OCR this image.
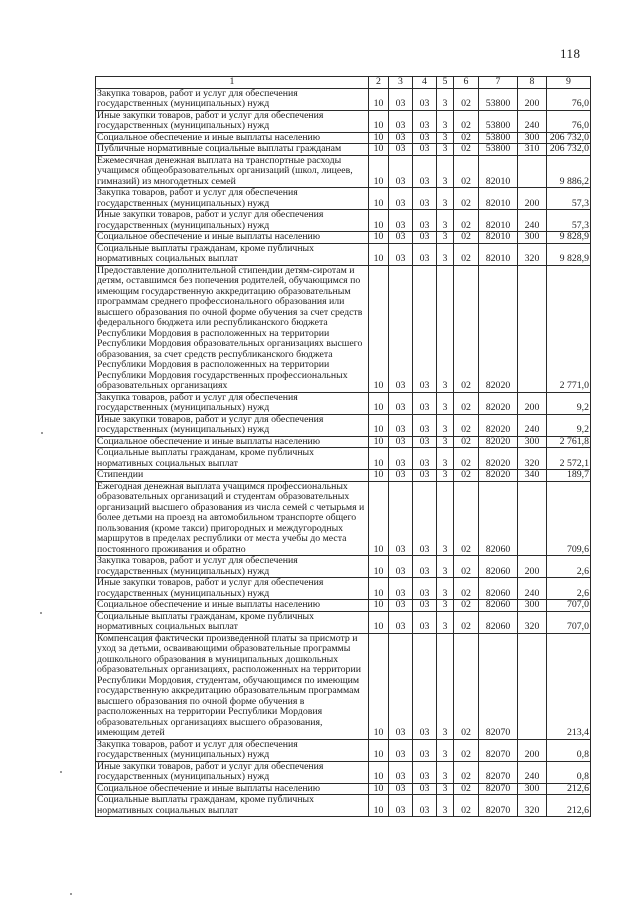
118
1	2	3	4	5	6	7	8	9
Закупка товаров, работ и услуг для обеспечения государственных (муниципальных) нужд	10	03	03	3	02	53800	200	76,0
Иные закупки товаров, работ и услуг для обеспечения государственных (муниципальных) нужд	10	03	03	3	02	53800	240	76,0
Социальное обеспечение и иные выплаты населению	10	03	03	3	02	53800	300	206 732,0
Публичные нормативные социальные выплаты гражданам	10	03	03	3	02	53800	310	206 732,0
Ежемесячная денежная выплата на транспортные расходы учащимся общеобразовательных организаций (школ, лицеев, гимназий) из многодетных семей	10	03	03	3	02	82010		9 886,2
Закупка товаров, работ и услуг для обеспечения государственных (муниципальных) нужд	10	03	03	3	02	82010	200	57,3
Иные закупки товаров, работ и услуг для обеспечения государственных (муниципальных) нужд	10	03	03	3	02	82010	240	57,3
Социальное обеспечение и иные выплаты населению	10	03	03	3	02	82010	300	9 828,9
Социальные выплаты гражданам, кроме публичных нормативных социальных выплат	10	03	03	3	02	82010	320	9 828,9
Предоставление дополнительной стипендии детям-сиротам и детям, оставшимся без попечения родителей, обучающимся по имеющим государственную аккредитацию образовательным программам среднего профессионального образования или высшего образования по очной форме обучения за счет средств федерального бюджета или республиканского бюджета Республики Мордовия в расположенных на территории Республики Мордовия образовательных организациях высшего образования, за счет средств республиканского бюджета Республики Мордовия в расположенных на территории Республики Мордовия государственных профессиональных образовательных организациях	10	03	03	3	02	82020		2 771,0
Закупка товаров, работ и услуг для обеспечения государственных (муниципальных) нужд	10	03	03	3	02	82020	200	9,2
Иные закупки товаров, работ и услуг для обеспечения государственных (муниципальных) нужд	10	03	03	3	02	82020	240	9,2
Социальное обеспечение и иные выплаты населению	10	03	03	3	02	82020	300	2 761,8
Социальные выплаты гражданам, кроме публичных нормативных социальных выплат	10	03	03	3	02	82020	320	2 572,1
Стипендии	10	03	03	3	02	82020	340	189,7
Ежегодная денежная выплата учащимся профессиональных образовательных организаций и студентам образовательных организаций высшего образования из числа семей с четырьмя и более детьми на проезд на автомобильном транспорте общего пользования (кроме такси) пригородных и междугородных маршрутов в пределах республики от места учебы до места постоянного проживания и обратно	10	03	03	3	02	82060		709,6
Закупка товаров, работ и услуг для обеспечения государственных (муниципальных) нужд	10	03	03	3	02	82060	200	2,6
Иные закупки товаров, работ и услуг для обеспечения государственных (муниципальных) нужд	10	03	03	3	02	82060	240	2,6
Социальное обеспечение и иные выплаты населению	10	03	03	3	02	82060	300	707,0
Социальные выплаты гражданам, кроме публичных нормативных социальных выплат	10	03	03	3	02	82060	320	707,0
Компенсация фактически произведенной платы за присмотр и уход за детьми, осваивающими образовательные программы дошкольного образования в муниципальных дошкольных образовательных организациях, расположенных на территории Республики Мордовия, студентам, обучающимся по имеющим государственную аккредитацию образовательным программам высшего образования по очной форме обучения в расположенных на территории Республики Мордовия образовательных организациях высшего образования, имеющим детей	10	03	03	3	02	82070		213,4
Закупка товаров, работ и услуг для обеспечения государственных (муниципальных) нужд	10	03	03	3	02	82070	200	0,8
Иные закупки товаров, работ и услуг для обеспечения государственных (муниципальных) нужд	10	03	03	3	02	82070	240	0,8
Социальное обеспечение и иные выплаты населению	10	03	03	3	02	82070	300	212,6
Социальные выплаты гражданам, кроме публичных нормативных социальных выплат	10	03	03	3	02	82070	320	212,6
